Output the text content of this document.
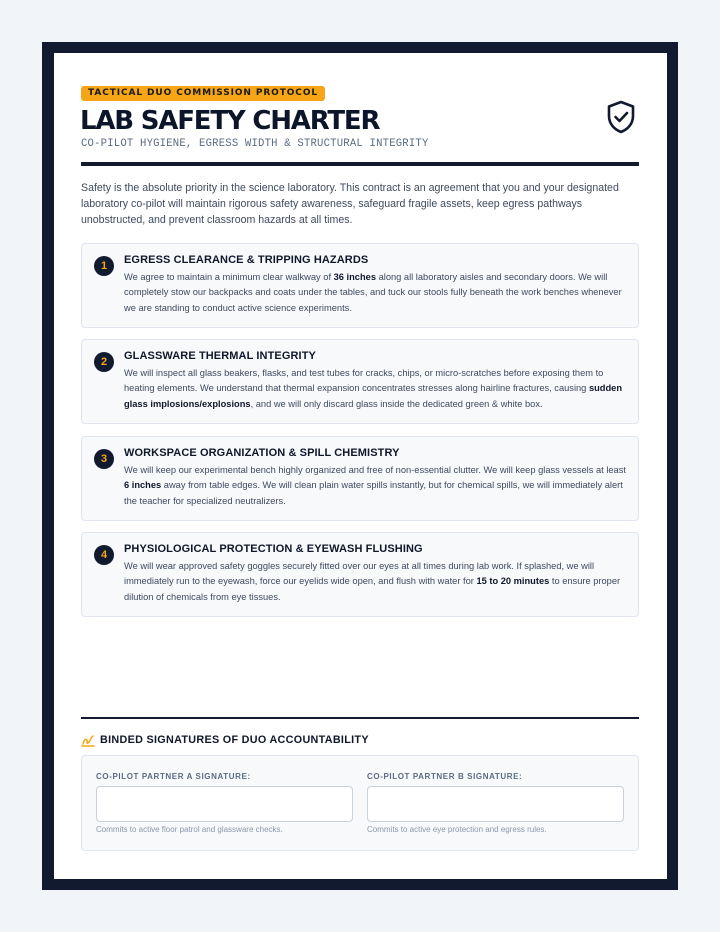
TACTICAL DUO COMMISSION PROTOCOL
LAB SAFETY CHARTER
CO-PILOT HYGIENE, EGRESS WIDTH & STRUCTURAL INTEGRITY

Safety is the absolute priority in the science laboratory. This contract is an agreement that you and your designated laboratory co-pilot will maintain rigorous safety awareness, safeguard fragile assets, keep egress pathways unobstructed, and prevent classroom hazards at all times.

1	EGRESS CLEARANCE & TRIPPING HAZARDS

We agree to maintain a minimum clear walkway of 36 inches along all laboratory aisles and secondary doors. We will completely stow our backpacks and coats under the tables, and tuck our stools fully beneath the work benches whenever we are standing to conduct active science experiments.

2	GLASSWARE THERMAL INTEGRITY

We will inspect all glass beakers, flasks, and test tubes for cracks, chips, or micro-scratches before exposing them to heating elements. We understand that thermal expansion concentrates stresses along hairline fractures, causing sudden glass implosions/explosions, and we will only discard glass inside the dedicated green & white box.

3	WORKSPACE ORGANIZATION & SPILL CHEMISTRY

We will keep our experimental bench highly organized and free of non-essential clutter. We will keep glass vessels at least 6 inches away from table edges. We will clean plain water spills instantly, but for chemical spills, we will immediately alert the teacher for specialized neutralizers.

4	PHYSIOLOGICAL PROTECTION & EYEWASH FLUSHING

We will wear approved safety goggles securely fitted over our eyes at all times during lab work. If splashed, we will immediately run to the eyewash, force our eyelids wide open, and flush with water for 15 to 20 minutes to ensure proper dilution of chemicals from eye tissues.

BINDED SIGNATURES OF DUO ACCOUNTABILITY
CO-PILOT PARTNER A SIGNATURE:
Commits to active floor patrol and glassware checks.
CO-PILOT PARTNER B SIGNATURE:
Commits to active eye protection and egress rules.
